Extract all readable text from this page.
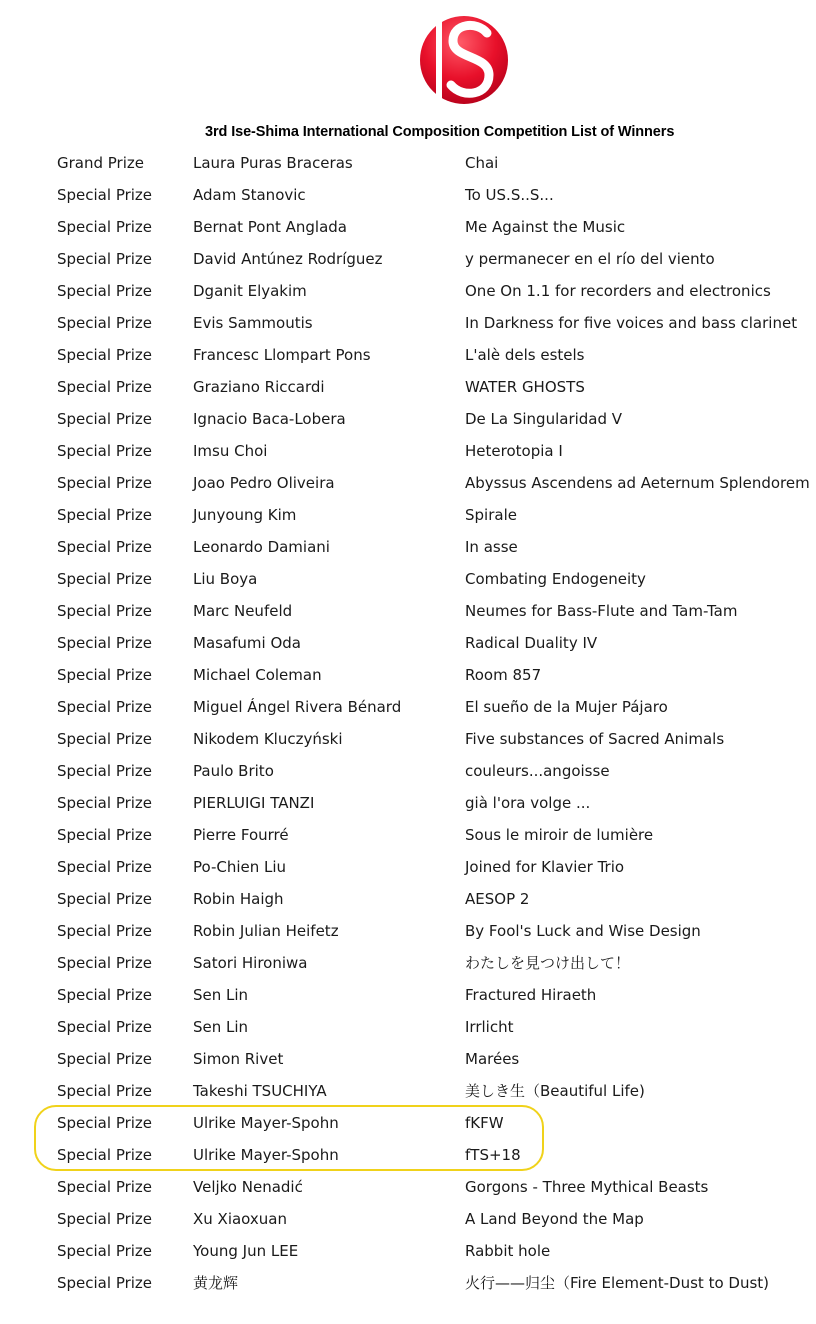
3rd Ise-Shima International Composition Competition List of Winners
Grand Prize	Laura Puras Braceras	Chai
Special Prize	Adam Stanovic	To US.S..S...
Special Prize	Bernat Pont Anglada	Me Against the Music
Special Prize	David Antúnez Rodríguez	y permanecer en el río del viento
Special Prize	Dganit Elyakim	One On 1.1 for recorders and electronics
Special Prize	Evis Sammoutis	In Darkness for five voices and bass clarinet
Special Prize	Francesc Llompart Pons	L'alè dels estels
Special Prize	Graziano Riccardi	WATER GHOSTS
Special Prize	Ignacio Baca-Lobera	De La Singularidad V
Special Prize	Imsu Choi	Heterotopia I
Special Prize	Joao Pedro Oliveira	Abyssus Ascendens ad Aeternum Splendorem
Special Prize	Junyoung Kim	Spirale
Special Prize	Leonardo Damiani	In asse
Special Prize	Liu Boya	Combating Endogeneity
Special Prize	Marc Neufeld	Neumes for Bass-Flute and Tam-Tam
Special Prize	Masafumi Oda	Radical Duality IV
Special Prize	Michael Coleman	Room 857
Special Prize	Miguel Ángel Rivera Bénard	El sueño de la Mujer Pájaro
Special Prize	Nikodem Kluczyński	Five substances of Sacred Animals
Special Prize	Paulo Brito	couleurs...angoisse
Special Prize	PIERLUIGI TANZI	già l'ora volge ...
Special Prize	Pierre Fourré	Sous le miroir de lumière
Special Prize	Po-Chien Liu	Joined for Klavier Trio
Special Prize	Robin Haigh	AESOP 2
Special Prize	Robin Julian Heifetz	By Fool's Luck and Wise Design
Special Prize	Satori Hironiwa	わたしを見つけ出して！
Special Prize	Sen Lin	Fractured Hiraeth
Special Prize	Sen Lin	Irrlicht
Special Prize	Simon Rivet	Marées
Special Prize	Takeshi TSUCHIYA	美しき生（Beautiful Life)
Special Prize	Ulrike Mayer-Spohn	fKFW
Special Prize	Ulrike Mayer-Spohn	fTS+18
Special Prize	Veljko Nenadić	Gorgons - Three Mythical Beasts
Special Prize	Xu Xiaoxuan	A Land Beyond the Map
Special Prize	Young Jun LEE	Rabbit hole
Special Prize	黄龙辉	火行——归尘（Fire Element-Dust to Dust)
